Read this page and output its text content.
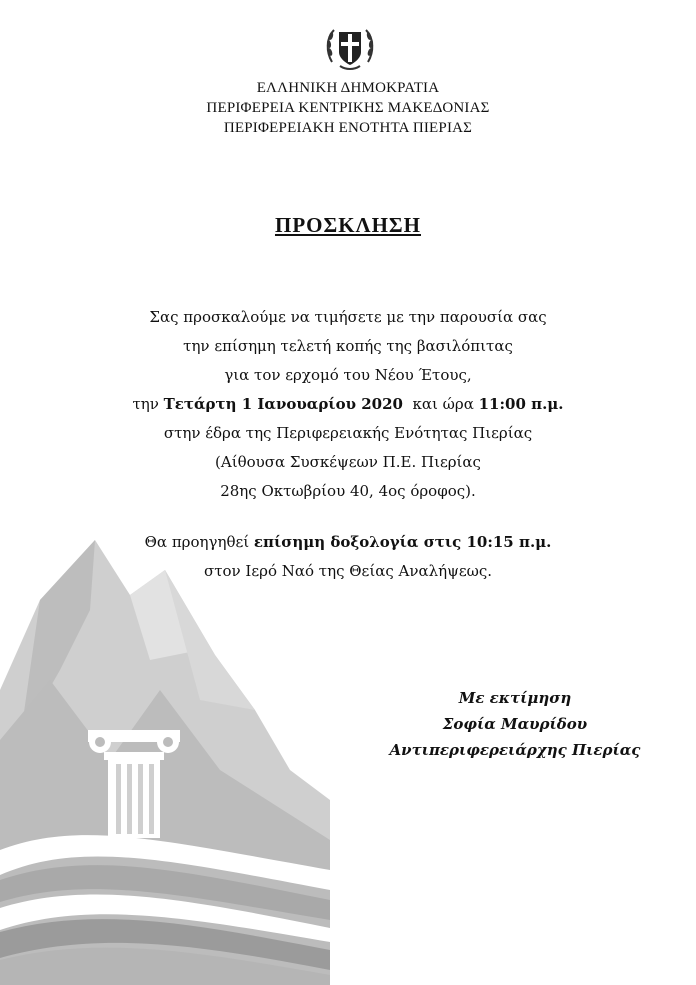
ΕΛΛΗΝΙΚΗ ΔΗΜΟΚΡΑΤΙΑ
ΠΕΡΙΦΕΡΕΙΑ ΚΕΝΤΡΙΚΗΣ ΜΑΚΕΔΟΝΙΑΣ
ΠΕΡΙΦΕΡΕΙΑΚΗ ΕΝΟΤΗΤΑ ΠΙΕΡΙΑΣ
ΠΡΟΣΚΛΗΣΗ
Σας προσκαλούμε να τιμήσετε με την παρουσία σας
την επίσημη τελετή κοπής της βασιλόπιτας
για τον ερχομό του Νέου Έτους,
την Τετάρτη 1 Ιανουαρίου 2020  και ώρα 11:00 π.μ.
στην έδρα της Περιφερειακής Ενότητας Πιερίας
(Αίθουσα Συσκέψεων Π.Ε. Πιερίας
28ης Οκτωβρίου 40, 4ος όροφος).
Θα προηγηθεί επίσημη δοξολογία στις 10:15 π.μ.
στον Ιερό Ναό της Θείας Αναλήψεως.
Με εκτίμηση
Σοφία Μαυρίδου
Αντιπεριφερειάρχης Πιερίας
